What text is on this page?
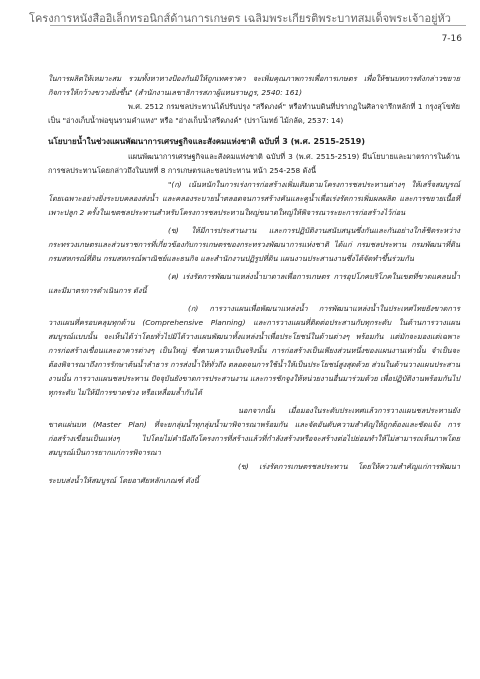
โครงการหนังสืออิเล็กทรอนิกส์ด้านการเกษตร เฉลิมพระเกียรติพระบาทสมเด็จพระเจ้าอยู่หัว
7-16

ในการผลิตให้เหมาะสม รวมทั้งหาทางป้องกันมิให้ถูกเทคราคา จะเพิ่มคุณภาพการเพื่อการเกษตร เพื่อให้ชนบทการดังกล่าวขยายกิจการให้กว้างขวางยิ่งขึ้น" (สำนักงานเลขาธิการสภาผู้แทนราษฎร, 2540: 161)

พ.ศ. 2512 กรมชลประทานได้ปรับปรุง "สรีดภงค์" หรือทำนบดินที่ปรากฏในศิลาจารึกหลักที่ 1 กรุงสุโขทัยเป็น "อ่างเก็บน้ำพ่อขุนรามคำแหง" หรือ "อ่างเก็บน้ำสรีดภงค์" (ปราโมทย์ ไม้กลัด, 2537: 14)

นโยบายน้ำในช่วงแผนพัฒนาการเศรษฐกิจและสังคมแห่งชาติ ฉบับที่ 3 (พ.ศ. 2515-2519)

แผนพัฒนาการเศรษฐกิจและสังคมแห่งชาติ ฉบับที่ 3 (พ.ศ. 2515-2519) มีนโยบายและมาตรการในด้านการชลประทานโดยกล่าวถึงในบทที่ 8 การเกษตรและชลประทาน หน้า 254-258 ดังนี้

"(ก) เน้นหนักในการเร่งการก่อสร้างเพิ่มเติมตามโครงการชลประทานต่างๆ ให้เสร็จสมบูรณ์ โดยเฉพาะอย่างยิ่งระบบคลองส่งน้ำ และคลองระบายน้ำตลอดจนการสร้างคันและคูน้ำเพื่อเร่งรัดการเพิ่มผลผลิต และการขยายเนื้อที่เพาะปลูก 2 ครั้งในเขตชลประทานสำหรับโครงการชลประทานใหญ่ขนาดใหญ่ให้พิจารณาระยะการก่อสร้างไว้ก่อน

(ข) ให้มีการประสานงาน และการปฏิบัติงานสนับสนุนซึ่งกันและกันอย่างใกล้ชิดระหว่างกระทรวงเกษตรและส่วนราชการที่เกี่ยวข้องกับการเกษตรของกระทรวงพัฒนาการแห่งชาติ ได้แก่ กรมชลประทาน กรมพัฒนาที่ดิน กรมสหกรณ์ที่ดิน กรมสหกรณ์พาณิชย์และธนกิจ และสำนักงานปฏิรูปที่ดิน แผนงานประสานงานซึ่งได้จัดทำขึ้นร่วมกัน

(ค) เร่งรัดการพัฒนาแหล่งน้ำบาดาลเพื่อการเกษตร การอุปโภคบริโภคในเขตที่ขาดแคลนน้ำ และมีมาตรการดำเนินการ ดังนี้

(ก) การวางแผนเพื่อพัฒนาแหล่งน้ำ การพัฒนาแหล่งน้ำในประเทศไทยยังขาดการวางแผนที่ครอบคลุมทุกด้าน (Comprehensive Planning) และการวางแผนที่ติดต่อประสานกับทุกระดับ ในด้านการวางแผนสมบูรณ์แบบนั้น จะเห็นได้ว่าโดยทั่วไปมิได้วางแผนพัฒนาทั้งแหล่งน้ำเพื่อประโยชน์ในด้านต่างๆ พร้อมกัน แต่มักจะมองแต่เฉพาะการก่อสร้างเขื่อนและอาคารต่างๆ เป็นใหญ่ ซึ่งตามความเป็นจริงนั้น การก่อสร้างเป็นเพียงส่วนหนึ่งของแผนงานเท่านั้น จำเป็นจะต้องพิจารณาถึงการรักษาต้นน้ำลำธาร การส่งน้ำให้ทั่วถึง ตลอดจนการใช้น้ำให้เป็นประโยชน์สูงสุดด้วย ส่วนในด้านวางแผนประสานงานนั้น การวางแผนชลประทาน ปัจจุบันยังขาดการประสานงาน และการชักจูงให้หน่วยงานอื่นมาร่วมด้วย เพื่อปฏิบัติงานพร้อมกันไปทุกระดับ ไม่ให้มีการขาดช่วง หรือเหลื่อมล้ำกันได้

นอกจากนั้น เมื่อมองในระดับประเทศแล้วการวางแผนชลประทานยังขาดแผ่นบท (Master Plan) ที่จะยกลุ่มน้ำทุกลุ่มน้ำมาพิจารณาพร้อมกัน และจัดอันดับความสำคัญให้ถูกต้องและชัดแจ้ง การก่อสร้างเขื่อนเป็นแห่งๆ ไปโดยไม่คำนึงถึงโครงการที่สร้างแล้วที่กำลังสร้างหรือจะสร้างต่อไปย่อมทำให้ไม่สามารถเห็นภาพโดยสมบูรณ์เป็นการยากแก่การพิจารณา

(ข) เร่งรัดการเกษตรชลประทาน โดยให้ความสำคัญแก่การพัฒนาระบบส่งน้ำให้สมบูรณ์ โดยอาศัยหลักเกณฑ์ ดังนี้
